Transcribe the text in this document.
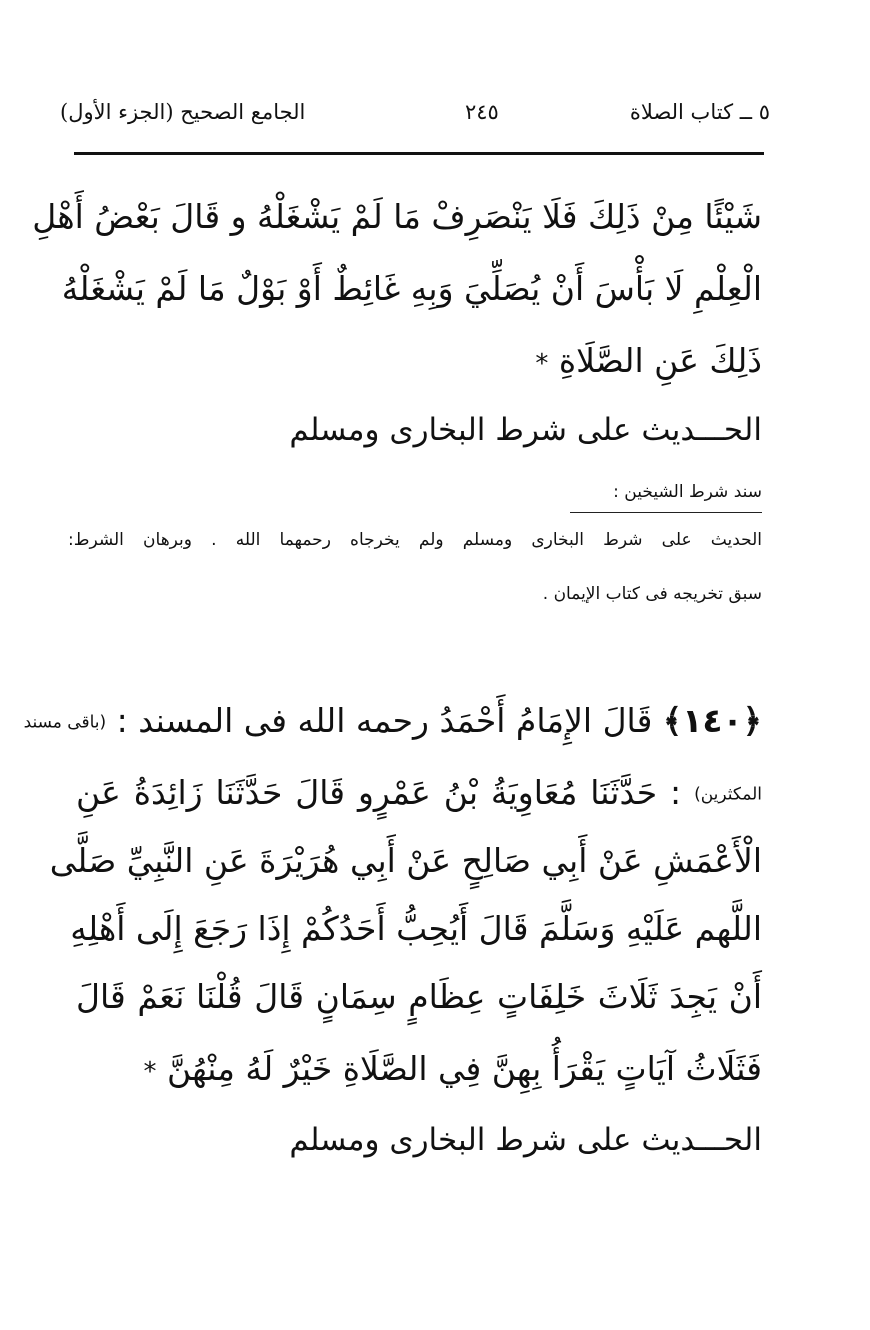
٥ ــ كتاب الصلاة
٢٤٥
الجامع الصحيح (الجزء الأول)
شَيْئًا مِنْ ذَلِكَ فَلَا يَنْصَرِفْ مَا لَمْ يَشْغَلْهُ و قَالَ بَعْضُ أَهْلِ
الْعِلْمِ لَا بَأْسَ أَنْ يُصَلِّيَ وَبِهِ غَائِطٌ أَوْ بَوْلٌ مَا لَمْ يَشْغَلْهُ
ذَلِكَ عَنِ الصَّلَاةِ *
الحـــديث على شرط البخارى ومسلم
سند شرط الشيخين :
الحديث على شرط البخارى ومسلم ولم يخرجاه رحمهما الله . وبرهان الشرط:
سبق تخريجه فى كتاب الإيمان .
﴿١٤٠﴾ قَالَ الإِمَامُ أَحْمَدُ رحمه الله فى المسند : (باقى مسند
المكثرين) : حَدَّثَنَا مُعَاوِيَةُ بْنُ عَمْرٍو قَالَ حَدَّثَنَا زَائِدَةُ عَنِ
الْأَعْمَشِ عَنْ أَبِي صَالِحٍ عَنْ أَبِي هُرَيْرَةَ عَنِ النَّبِيِّ صَلَّى
اللَّهم عَلَيْهِ وَسَلَّمَ قَالَ أَيُحِبُّ أَحَدُكُمْ إِذَا رَجَعَ إِلَى أَهْلِهِ
أَنْ يَجِدَ ثَلَاثَ خَلِفَاتٍ عِظَامٍ سِمَانٍ قَالَ قُلْنَا نَعَمْ قَالَ
فَثَلَاثُ آيَاتٍ يَقْرَأُ بِهِنَّ فِي الصَّلَاةِ خَيْرٌ لَهُ مِنْهُنَّ *
الحـــديث على شرط البخارى ومسلم
